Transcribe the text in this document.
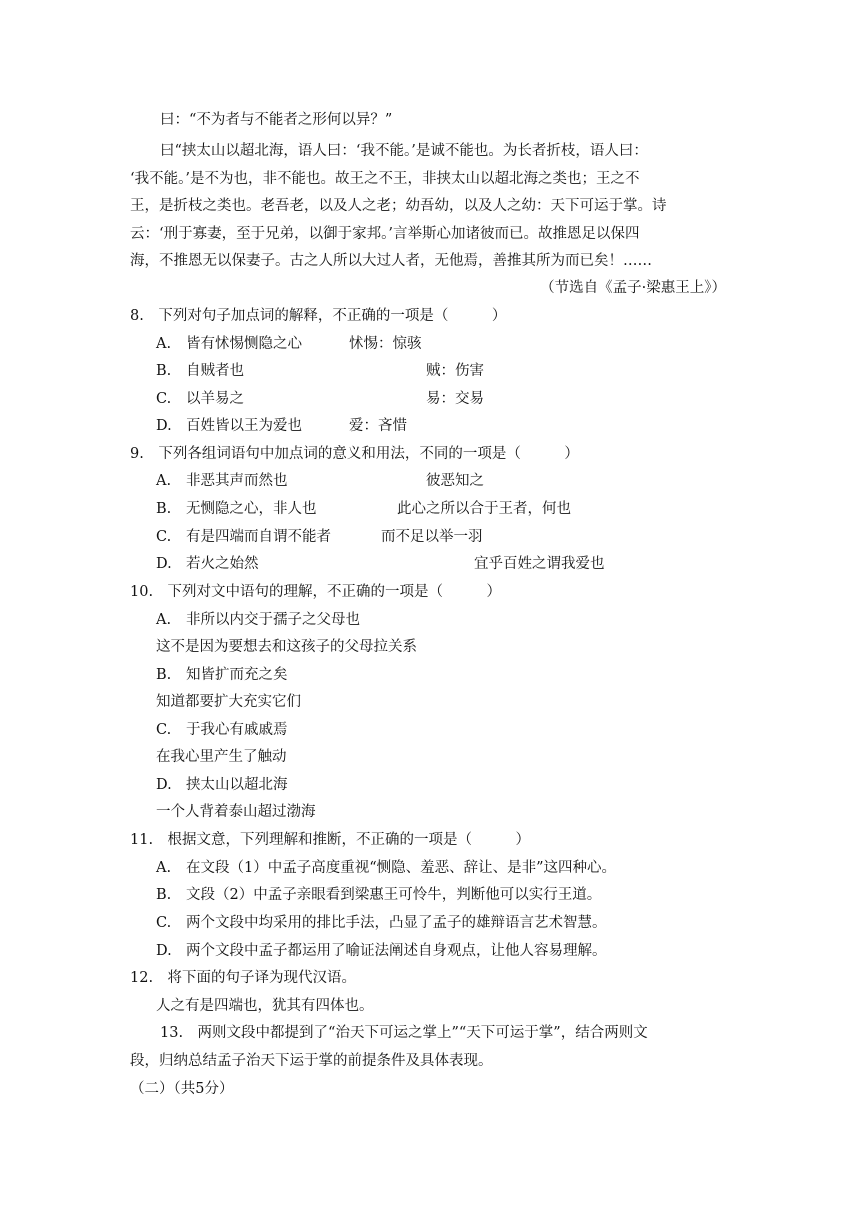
曰：“不为者与不能者之形何以异？”
曰“挟太山以超北海，语人曰：‘我不能。’是诚不能也。为长者折枝，语人曰：
‘我不能。’是不为也，非不能也。故王之不王，非挟太山以超北海之类也；王之不
王，是折枝之类也。老吾老，以及人之老；幼吾幼，以及人之幼：天下可运于掌。诗
云：‘刑于寡妻，至于兄弟，以御于家邦。’言举斯心加诸彼而已。故推恩足以保四
海，不推恩无以保妻子。古之人所以大过人者，无他焉，善推其所为而已矣！……
（节选自《孟子·梁惠王上》）
8.　下列对句子加点词的解释，不正确的一项是（　　　）
A. 皆有怵惕恻隐之心	怵惕：惊骇
B. 自贼者也	贼：伤害
C. 以羊易之	易：交易
D. 百姓皆以王为爱也	爱：吝惜
9.　下列各组词语句中加点词的意义和用法，不同的一项是（　　　）
A. 非恶其声而然也	彼恶知之
B. 无恻隐之心，非人也	此心之所以合于王者，何也
C. 有是四端而自谓不能者	而不足以举一羽
D. 若火之始然	宜乎百姓之谓我爱也
10.　下列对文中语句的理解，不正确的一项是（　　　）
A. 非所以内交于孺子之父母也
这不是因为要想去和这孩子的父母拉关系
B. 知皆扩而充之矣
知道都要扩大充实它们
C. 于我心有戚戚焉
在我心里产生了触动
D. 挟太山以超北海
一个人背着泰山超过渤海
11.　根据文意，下列理解和推断，不正确的一项是（　　　）
A. 在文段（1）中孟子高度重视“恻隐、羞恶、辞让、是非”这四种心。
B. 文段（2）中孟子亲眼看到梁惠王可怜牛，判断他可以实行王道。
C. 两个文段中均采用的排比手法，凸显了孟子的雄辩语言艺术智慧。
D. 两个文段中孟子都运用了喻证法阐述自身观点，让他人容易理解。
12.　将下面的句子译为现代汉语。
人之有是四端也，犹其有四体也。
13.　两则文段中都提到了“治天下可运之掌上”“天下可运于掌”，结合两则文
段，归纳总结孟子治天下运于掌的前提条件及具体表现。
（二）（共5分）
